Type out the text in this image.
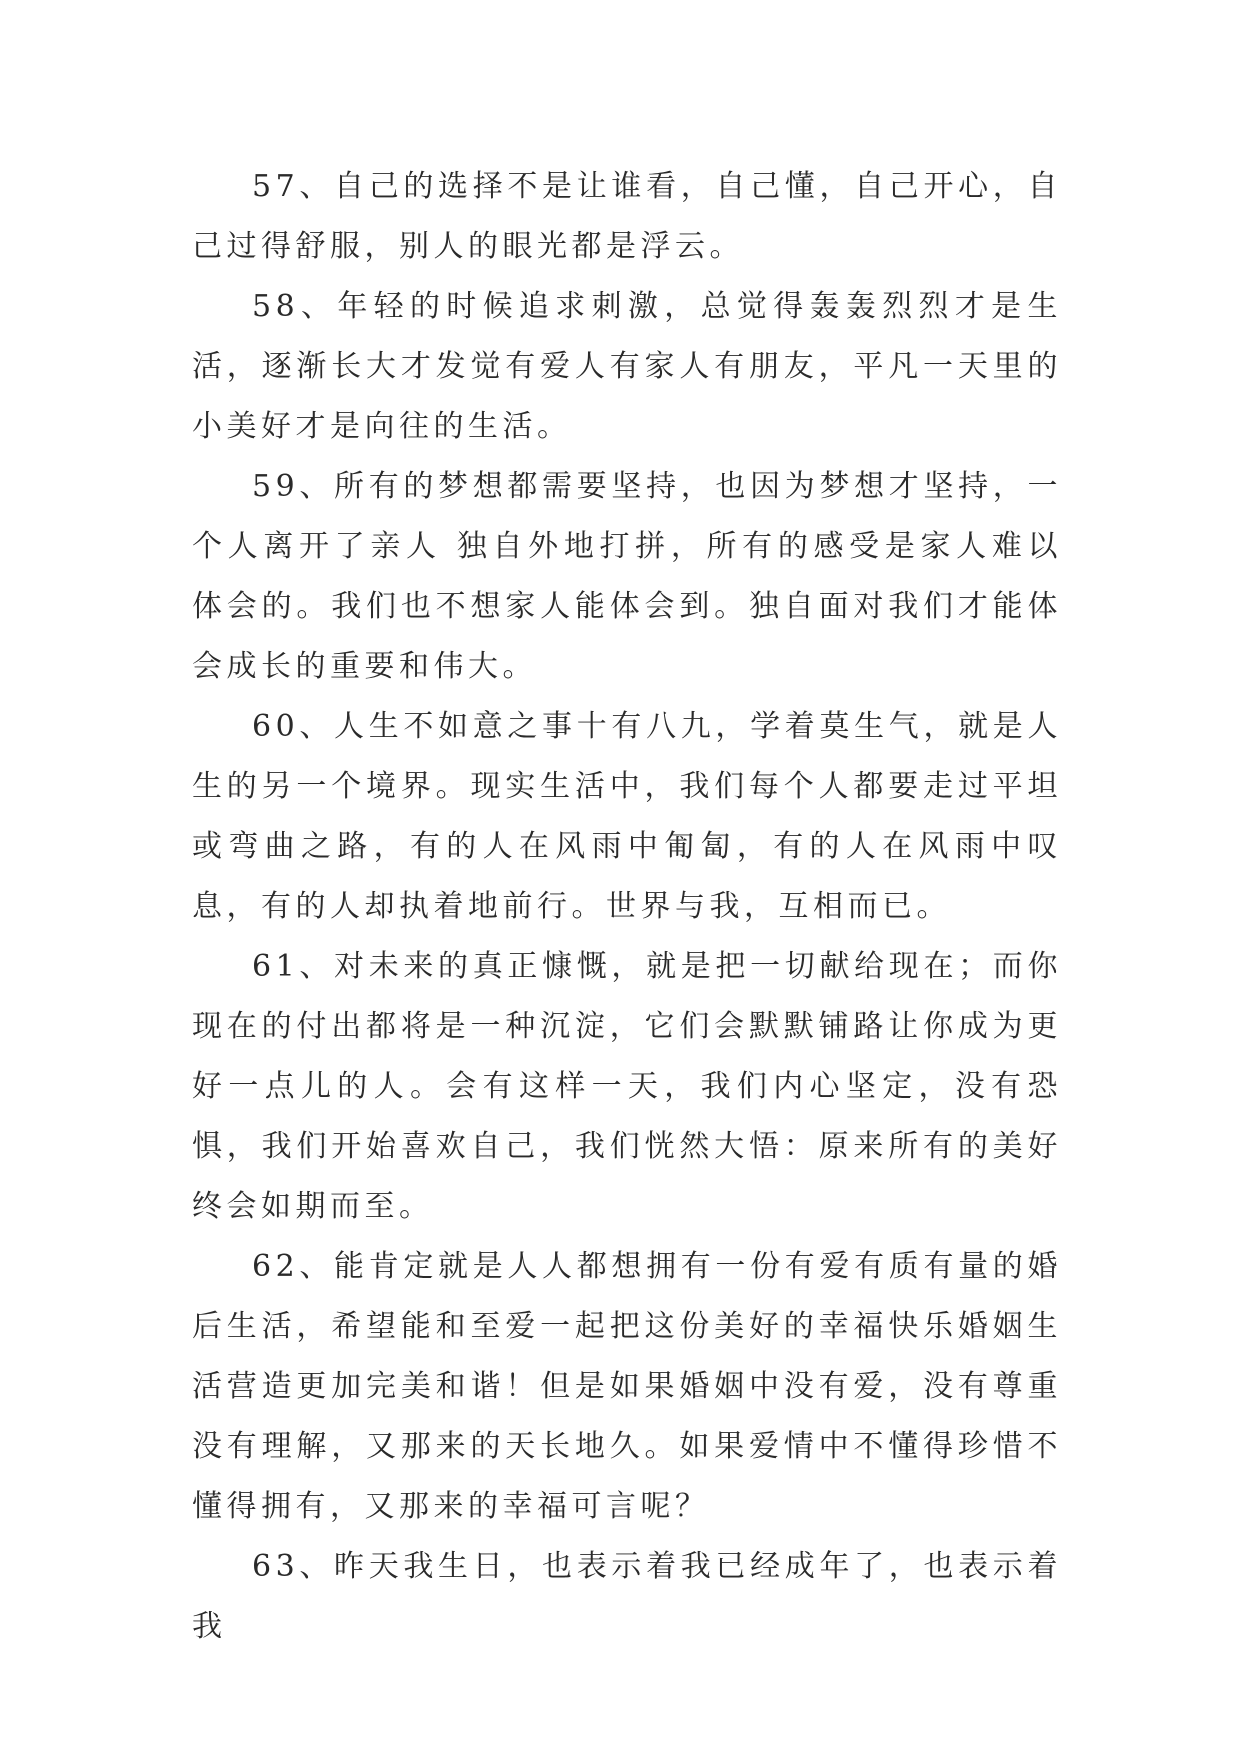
57、自己的选择不是让谁看，自己懂，自己开心，自己过得舒服，别人的眼光都是浮云。

58、年轻的时候追求刺激，总觉得轰轰烈烈才是生活，逐渐长大才发觉有爱人有家人有朋友，平凡一天里的小美好才是向往的生活。

59、所有的梦想都需要坚持，也因为梦想才坚持，一个人离开了亲人 独自外地打拼，所有的感受是家人难以体会的。我们也不想家人能体会到。独自面对我们才能体会成长的重要和伟大。

60、人生不如意之事十有八九，学着莫生气，就是人生的另一个境界。现实生活中，我们每个人都要走过平坦或弯曲之路，有的人在风雨中匍匐，有的人在风雨中叹息，有的人却执着地前行。世界与我，互相而已。

61、对未来的真正慷慨，就是把一切献给现在；而你现在的付出都将是一种沉淀，它们会默默铺路让你成为更好一点儿的人。会有这样一天，我们内心坚定，没有恐惧，我们开始喜欢自己，我们恍然大悟：原来所有的美好终会如期而至。

62、能肯定就是人人都想拥有一份有爱有质有量的婚后生活，希望能和至爱一起把这份美好的幸福快乐婚姻生活营造更加完美和谐！但是如果婚姻中没有爱，没有尊重没有理解，又那来的天长地久。如果爱情中不懂得珍惜不懂得拥有，又那来的幸福可言呢？

63、昨天我生日，也表示着我已经成年了，也表示着我
